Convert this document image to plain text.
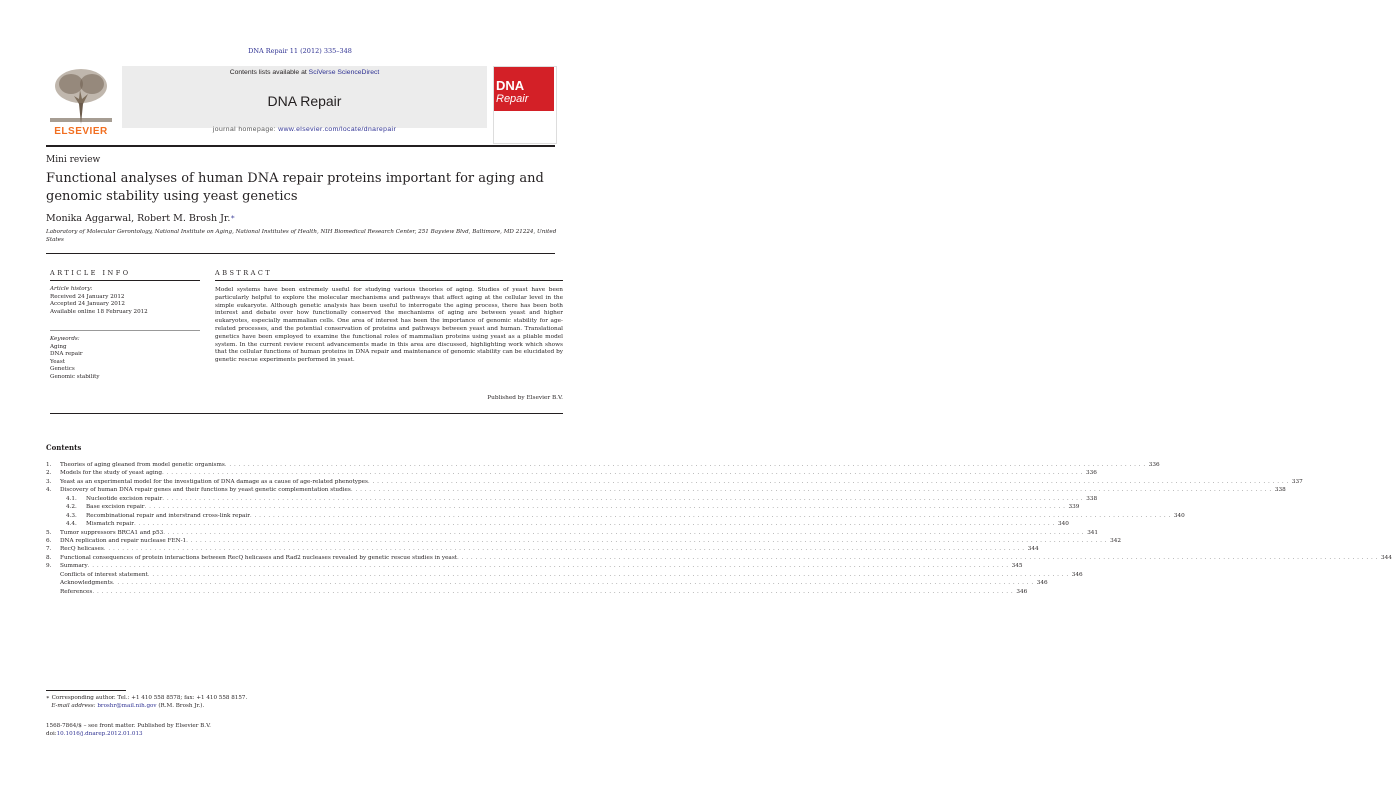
DNA Repair 11 (2012) 335–348
ELSEVIER
Contents lists available at SciVerse ScienceDirect
DNA Repair
journal homepage: www.elsevier.com/locate/dnarepair
DNA
Repair
Mini review
Functional analyses of human DNA repair proteins important for aging and genomic stability using yeast genetics
Monika Aggarwal, Robert M. Brosh Jr.∗
Laboratory of Molecular Gerontology, National Institute on Aging, National Institutes of Health, NIH Biomedical Research Center, 251 Bayview Blvd, Baltimore, MD 21224, United States
ARTICLE INFO	ABSTRACT
Article history:
Received 24 January 2012
Accepted 24 January 2012
Available online 18 February 2012
Keywords:
Aging
DNA repair
Yeast
Genetics
Genomic stability
Model systems have been extremely useful for studying various theories of aging. Studies of yeast have been particularly helpful to explore the molecular mechanisms and pathways that affect aging at the cellular level in the simple eukaryote. Although genetic analysis has been useful to interrogate the aging process, there has been both interest and debate over how functionally conserved the mechanisms of aging are between yeast and higher eukaryotes, especially mammalian cells. One area of interest has been the importance of genomic stability for age-related processes, and the potential conservation of proteins and pathways between yeast and human. Translational genetics have been employed to examine the functional roles of mammalian proteins using yeast as a pliable model system. In the current review recent advancements made in this area are discussed, highlighting work which shows that the cellular functions of human proteins in DNA repair and maintenance of genomic stability can be elucidated by genetic rescue experiments performed in yeast.
Published by Elsevier B.V.
Contents
1.	Theories of aging gleaned from model genetic organisms . . . . . . . . . . . . . . . . . . . . . . . . . . . . . . . . . . . . . . . . . . . . . . . . . . . . . . . . . . . . . . . . . . . . . . . . . . . . . . . . . . . . . . . . . . . . . . . . . . . . . . . . . . . . . . . . . . . . . . . . . . . . . . . . . . . . . . . . . . . . . . . . . . . . . . . . . . . . . . . . . . . . . . . . . . . . . . . . . . . . . . . . . . . . . . . . . . . . . . . . 336
2.	Models for the study of yeast aging . . . . . . . . . . . . . . . . . . . . . . . . . . . . . . . . . . . . . . . . . . . . . . . . . . . . . . . . . . . . . . . . . . . . . . . . . . . . . . . . . . . . . . . . . . . . . . . . . . . . . . . . . . . . . . . . . . . . . . . . . . . . . . . . . . . . . . . . . . . . . . . . . . . . . . . . . . . . . . . . . . . . . . . . . . . . . . . . . . . . . . . . . . . . . . . . . . . . . . . . 336
3.	Yeast as an experimental model for the investigation of DNA damage as a cause of age-related phenotypes . . . . . . . . . . . . . . . . . . . . . . . . . . . . . . . . . . . . . . . . . . . . . . . . . . . . . . . . . . . . . . . . . . . . . . . . . . . . . . . . . . . . . . . . . . . . . . . . . . . . . . . . . . . . . . . . . . . . . . . . . . . . . . . . . . . . . . . . . . . . . . . . . . . . . . . . . . . . . . . . . . . . . . . . . . . . . . . . . . . . . . . . . . . . . . . . . . . . . . . . 337
4.	Discovery of human DNA repair genes and their functions by yeast genetic complementation studies . . . . . . . . . . . . . . . . . . . . . . . . . . . . . . . . . . . . . . . . . . . . . . . . . . . . . . . . . . . . . . . . . . . . . . . . . . . . . . . . . . . . . . . . . . . . . . . . . . . . . . . . . . . . . . . . . . . . . . . . . . . . . . . . . . . . . . . . . . . . . . . . . . . . . . . . . . . . . . . . . . . . . . . . . . . . . . . . . . . . . . . . . . . . . . . . . . . . . . . . 338
4.1.	Nucleotide excision repair . . . . . . . . . . . . . . . . . . . . . . . . . . . . . . . . . . . . . . . . . . . . . . . . . . . . . . . . . . . . . . . . . . . . . . . . . . . . . . . . . . . . . . . . . . . . . . . . . . . . . . . . . . . . . . . . . . . . . . . . . . . . . . . . . . . . . . . . . . . . . . . . . . . . . . . . . . . . . . . . . . . . . . . . . . . . . . . . . . . . . . . . . . . . . . . . . . . . . . . . 338
4.2.	Base excision repair . . . . . . . . . . . . . . . . . . . . . . . . . . . . . . . . . . . . . . . . . . . . . . . . . . . . . . . . . . . . . . . . . . . . . . . . . . . . . . . . . . . . . . . . . . . . . . . . . . . . . . . . . . . . . . . . . . . . . . . . . . . . . . . . . . . . . . . . . . . . . . . . . . . . . . . . . . . . . . . . . . . . . . . . . . . . . . . . . . . . . . . . . . . . . . . . . . . . . . . . 339
4.3.	Recombinational repair and interstrand cross-link repair . . . . . . . . . . . . . . . . . . . . . . . . . . . . . . . . . . . . . . . . . . . . . . . . . . . . . . . . . . . . . . . . . . . . . . . . . . . . . . . . . . . . . . . . . . . . . . . . . . . . . . . . . . . . . . . . . . . . . . . . . . . . . . . . . . . . . . . . . . . . . . . . . . . . . . . . . . . . . . . . . . . . . . . . . . . . . . . . . . . . . . . . . . . . . . . . . . . . . . . . 340
4.4.	Mismatch repair . . . . . . . . . . . . . . . . . . . . . . . . . . . . . . . . . . . . . . . . . . . . . . . . . . . . . . . . . . . . . . . . . . . . . . . . . . . . . . . . . . . . . . . . . . . . . . . . . . . . . . . . . . . . . . . . . . . . . . . . . . . . . . . . . . . . . . . . . . . . . . . . . . . . . . . . . . . . . . . . . . . . . . . . . . . . . . . . . . . . . . . . . . . . . . . . . . . . . . . . 340
5.	Tumor suppressors BRCA1 and p53 . . . . . . . . . . . . . . . . . . . . . . . . . . . . . . . . . . . . . . . . . . . . . . . . . . . . . . . . . . . . . . . . . . . . . . . . . . . . . . . . . . . . . . . . . . . . . . . . . . . . . . . . . . . . . . . . . . . . . . . . . . . . . . . . . . . . . . . . . . . . . . . . . . . . . . . . . . . . . . . . . . . . . . . . . . . . . . . . . . . . . . . . . . . . . . . . . . . . . . . . 341
6.	DNA replication and repair nuclease FEN-1 . . . . . . . . . . . . . . . . . . . . . . . . . . . . . . . . . . . . . . . . . . . . . . . . . . . . . . . . . . . . . . . . . . . . . . . . . . . . . . . . . . . . . . . . . . . . . . . . . . . . . . . . . . . . . . . . . . . . . . . . . . . . . . . . . . . . . . . . . . . . . . . . . . . . . . . . . . . . . . . . . . . . . . . . . . . . . . . . . . . . . . . . . . . . . . . . . . . . . . . . 342
7.	RecQ helicases . . . . . . . . . . . . . . . . . . . . . . . . . . . . . . . . . . . . . . . . . . . . . . . . . . . . . . . . . . . . . . . . . . . . . . . . . . . . . . . . . . . . . . . . . . . . . . . . . . . . . . . . . . . . . . . . . . . . . . . . . . . . . . . . . . . . . . . . . . . . . . . . . . . . . . . . . . . . . . . . . . . . . . . . . . . . . . . . . . . . . . . . . . . . . . . . . . . . . . . . 344
8.	Functional consequences of protein interactions between RecQ helicases and Rad2 nucleases revealed by genetic rescue studies in yeast . . . . . . . . . . . . . . . . . . . . . . . . . . . . . . . . . . . . . . . . . . . . . . . . . . . . . . . . . . . . . . . . . . . . . . . . . . . . . . . . . . . . . . . . . . . . . . . . . . . . . . . . . . . . . . . . . . . . . . . . . . . . . . . . . . . . . . . . . . . . . . . . . . . . . . . . . . . . . . . . . . . . . . . . . . . . . . . . . . . . . . . . . . . . . . . . . . . . . . . . 344
9.	Summary . . . . . . . . . . . . . . . . . . . . . . . . . . . . . . . . . . . . . . . . . . . . . . . . . . . . . . . . . . . . . . . . . . . . . . . . . . . . . . . . . . . . . . . . . . . . . . . . . . . . . . . . . . . . . . . . . . . . . . . . . . . . . . . . . . . . . . . . . . . . . . . . . . . . . . . . . . . . . . . . . . . . . . . . . . . . . . . . . . . . . . . . . . . . . . . . . . . . . . . . 345
Conflicts of interest statement . . . . . . . . . . . . . . . . . . . . . . . . . . . . . . . . . . . . . . . . . . . . . . . . . . . . . . . . . . . . . . . . . . . . . . . . . . . . . . . . . . . . . . . . . . . . . . . . . . . . . . . . . . . . . . . . . . . . . . . . . . . . . . . . . . . . . . . . . . . . . . . . . . . . . . . . . . . . . . . . . . . . . . . . . . . . . . . . . . . . . . . . . . . . . . . . . . . . . . . . 346
Acknowledgments . . . . . . . . . . . . . . . . . . . . . . . . . . . . . . . . . . . . . . . . . . . . . . . . . . . . . . . . . . . . . . . . . . . . . . . . . . . . . . . . . . . . . . . . . . . . . . . . . . . . . . . . . . . . . . . . . . . . . . . . . . . . . . . . . . . . . . . . . . . . . . . . . . . . . . . . . . . . . . . . . . . . . . . . . . . . . . . . . . . . . . . . . . . . . . . . . . . . . . . . 346
References . . . . . . . . . . . . . . . . . . . . . . . . . . . . . . . . . . . . . . . . . . . . . . . . . . . . . . . . . . . . . . . . . . . . . . . . . . . . . . . . . . . . . . . . . . . . . . . . . . . . . . . . . . . . . . . . . . . . . . . . . . . . . . . . . . . . . . . . . . . . . . . . . . . . . . . . . . . . . . . . . . . . . . . . . . . . . . . . . . . . . . . . . . . . . . . . . . . . . . . . 346
∗ Corresponding author. Tel.: +1 410 558 8578; fax: +1 410 558 8157.
E-mail address: broshr@mail.nih.gov (R.M. Brosh Jr.).
1568-7864/$ – see front matter. Published by Elsevier B.V.
doi:10.1016/j.dnarep.2012.01.013
